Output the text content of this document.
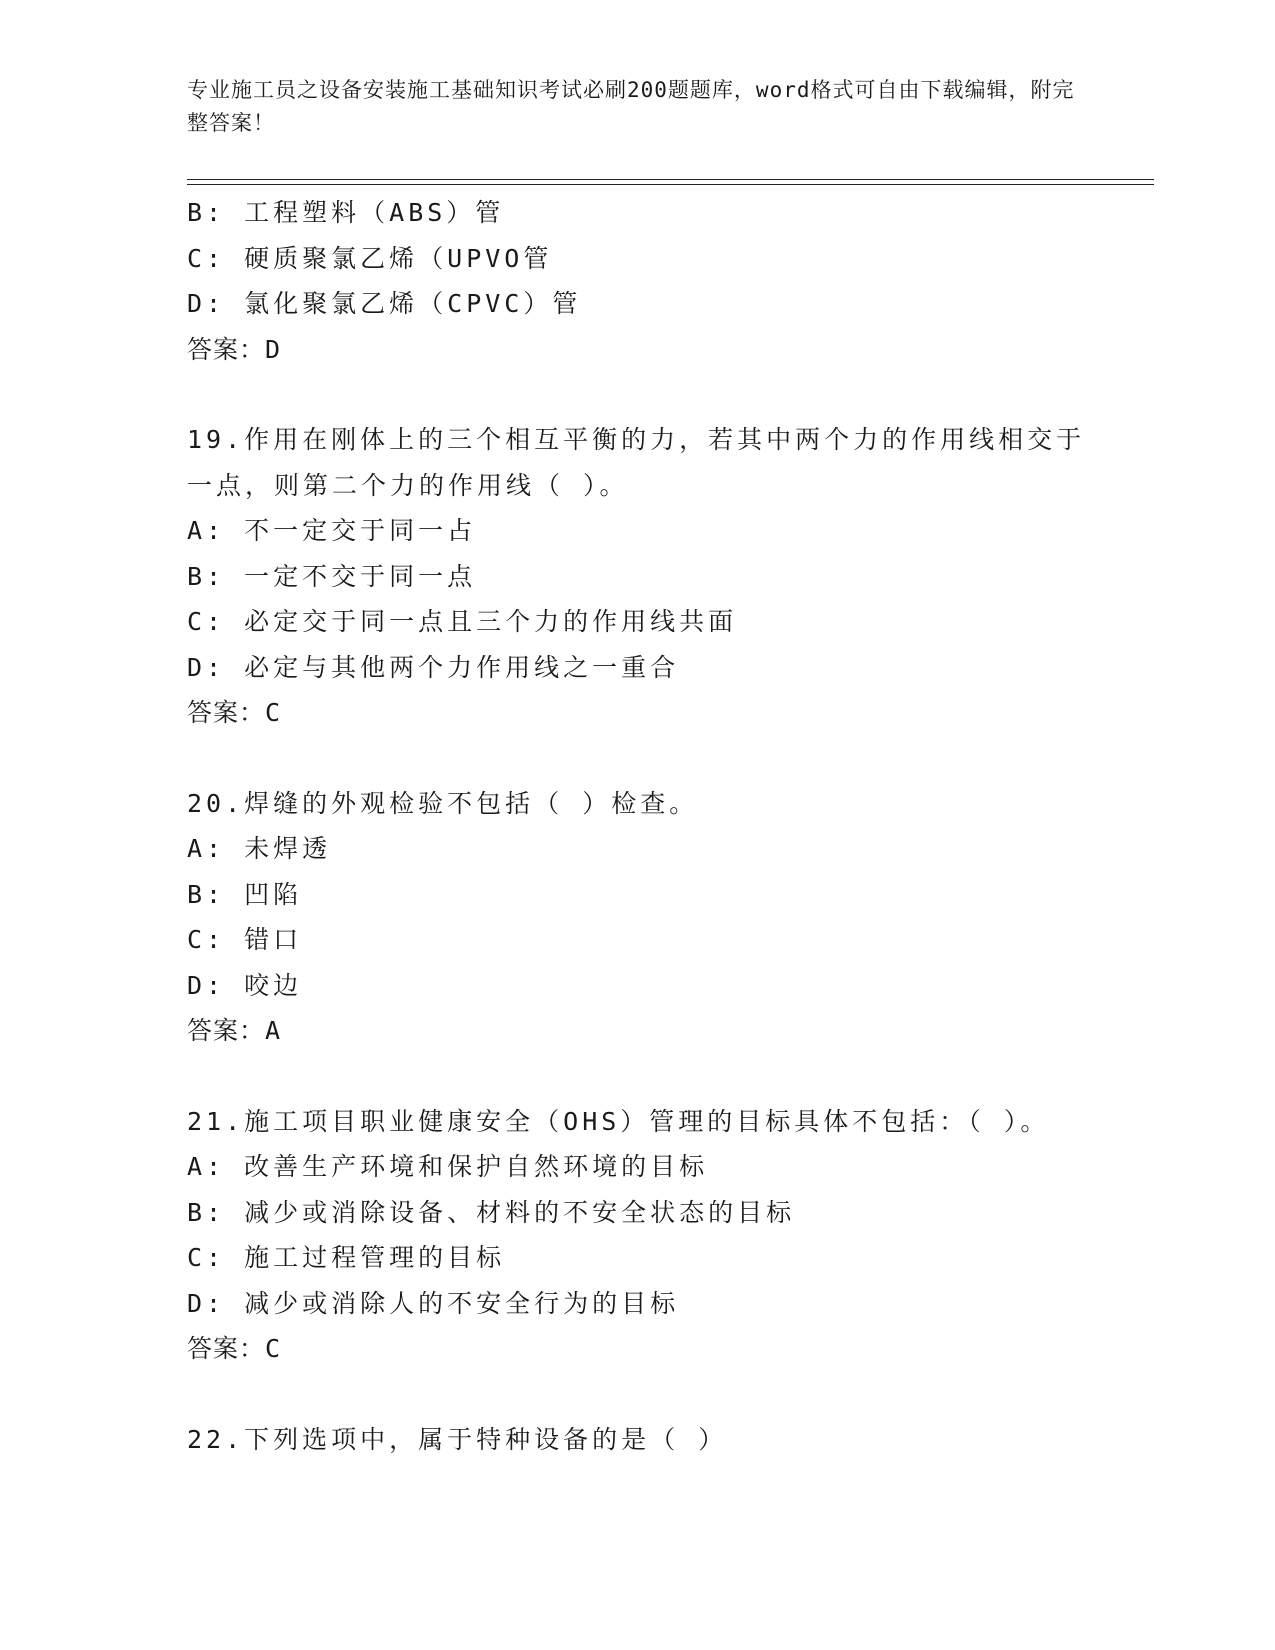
专业施工员之设备安装施工基础知识考试必刷200题题库，word格式可自由下载编辑，附完整答案！
B: 工程塑料（ABS）管
C: 硬质聚氯乙烯（UPVO管
D: 氯化聚氯乙烯（CPVC）管
答案：D
19.作用在刚体上的三个相互平衡的力，若其中两个力的作用线相交于
一点，则第二个力的作用线（ ）。
A: 不一定交于同一占
B: 一定不交于同一点
C: 必定交于同一点且三个力的作用线共面
D: 必定与其他两个力作用线之一重合
答案：C
20.焊缝的外观检验不包括（ ）检查。
A: 未焊透
B: 凹陷
C: 错口
D: 咬边
答案：A
21.施工项目职业健康安全（OHS）管理的目标具体不包括：（ ）。
A: 改善生产环境和保护自然环境的目标
B: 减少或消除设备、材料的不安全状态的目标
C: 施工过程管理的目标
D: 减少或消除人的不安全行为的目标
答案：C
22.下列选项中，属于特种设备的是（ ）
